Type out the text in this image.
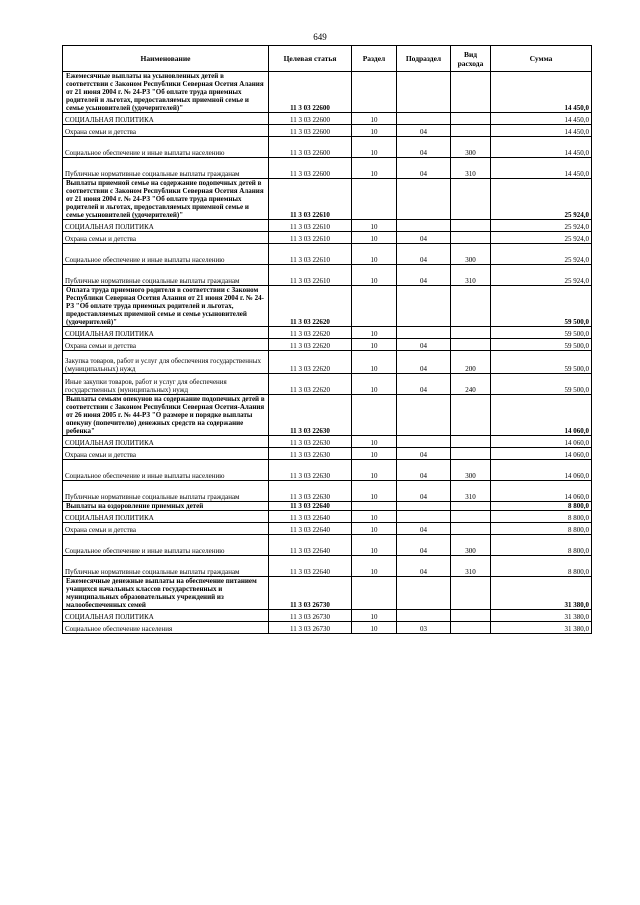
649
Наименование	Целевая статья	Раздел	Подраздел	Вид расхода	Сумма
Ежемесячные выплаты на усыновленных детей в соответствии с Законом Республики Северная Осетия Алания от 21 июня 2004 г. № 24-РЗ "Об оплате труда приемных родителей и льготах, предоставляемых приемной семье и семье усыновителей (удочерителей)"	11 3 03 22600				14 450,0
СОЦИАЛЬНАЯ ПОЛИТИКА	11 3 03 22600	10			14 450,0
Охрана семьи и детства	11 3 03 22600	10	04		14 450,0
Социальное обеспечение и иные выплаты населению	11 3 03 22600	10	04	300	14 450,0
Публичные нормативные социальные выплаты гражданам	11 3 03 22600	10	04	310	14 450,0
Выплаты приемной семье на содержание подопечных детей в соответствии с Законом Республики Северная Осетия Алания от 21 июня 2004 г. № 24-РЗ "Об оплате труда приемных родителей и льготах, предоставляемых приемной семье и семье усыновителей (удочерителей)"	11 3 03 22610				25 924,0
СОЦИАЛЬНАЯ ПОЛИТИКА	11 3 03 22610	10			25 924,0
Охрана семьи и детства	11 3 03 22610	10	04		25 924,0
Социальное обеспечение и иные выплаты населению	11 3 03 22610	10	04	300	25 924,0
Публичные нормативные социальные выплаты гражданам	11 3 03 22610	10	04	310	25 924,0
Оплата труда приемного родителя в соответствии с Законом Республики Северная Осетия Алания от 21 июня 2004 г. № 24-РЗ "Об оплате труда приемных родителей и льготах, предоставляемых приемной семье и семье усыновителей (удочерителей)"	11 3 03 22620				59 500,0
СОЦИАЛЬНАЯ ПОЛИТИКА	11 3 03 22620	10			59 500,0
Охрана семьи и детства	11 3 03 22620	10	04		59 500,0
Закупка товаров, работ и услуг для обеспечения государственных (муниципальных) нужд	11 3 03 22620	10	04	200	59 500,0
Иные закупки товаров, работ и услуг для обеспечения государственных (муниципальных) нужд	11 3 03 22620	10	04	240	59 500,0
Выплаты семьям опекунов на содержание подопечных детей в соответствии с Законом Республики Северная Осетия-Алания от 26 июня 2005 г. № 44-РЗ "О размере и порядке выплаты опекуну (попечителю) денежных средств на содержание ребенка"	11 3 03 22630				14 060,0
СОЦИАЛЬНАЯ ПОЛИТИКА	11 3 03 22630	10			14 060,0
Охрана семьи и детства	11 3 03 22630	10	04		14 060,0
Социальное обеспечение и иные выплаты населению	11 3 03 22630	10	04	300	14 060,0
Публичные нормативные социальные выплаты гражданам	11 3 03 22630	10	04	310	14 060,0
Выплаты на оздоровление приемных детей	11 3 03 22640				8 800,0
СОЦИАЛЬНАЯ ПОЛИТИКА	11 3 03 22640	10			8 800,0
Охрана семьи и детства	11 3 03 22640	10	04		8 800,0
Социальное обеспечение и иные выплаты населению	11 3 03 22640	10	04	300	8 800,0
Публичные нормативные социальные выплаты гражданам	11 3 03 22640	10	04	310	8 800,0
Ежемесячные денежные выплаты на обеспечение питанием учащихся начальных классов государственных и муниципальных образовательных учреждений из малообеспеченных семей	11 3 03 26730				31 380,0
СОЦИАЛЬНАЯ ПОЛИТИКА	11 3 03 26730	10			31 380,0
Социальное обеспечение населения	11 3 03 26730	10	03		31 380,0
